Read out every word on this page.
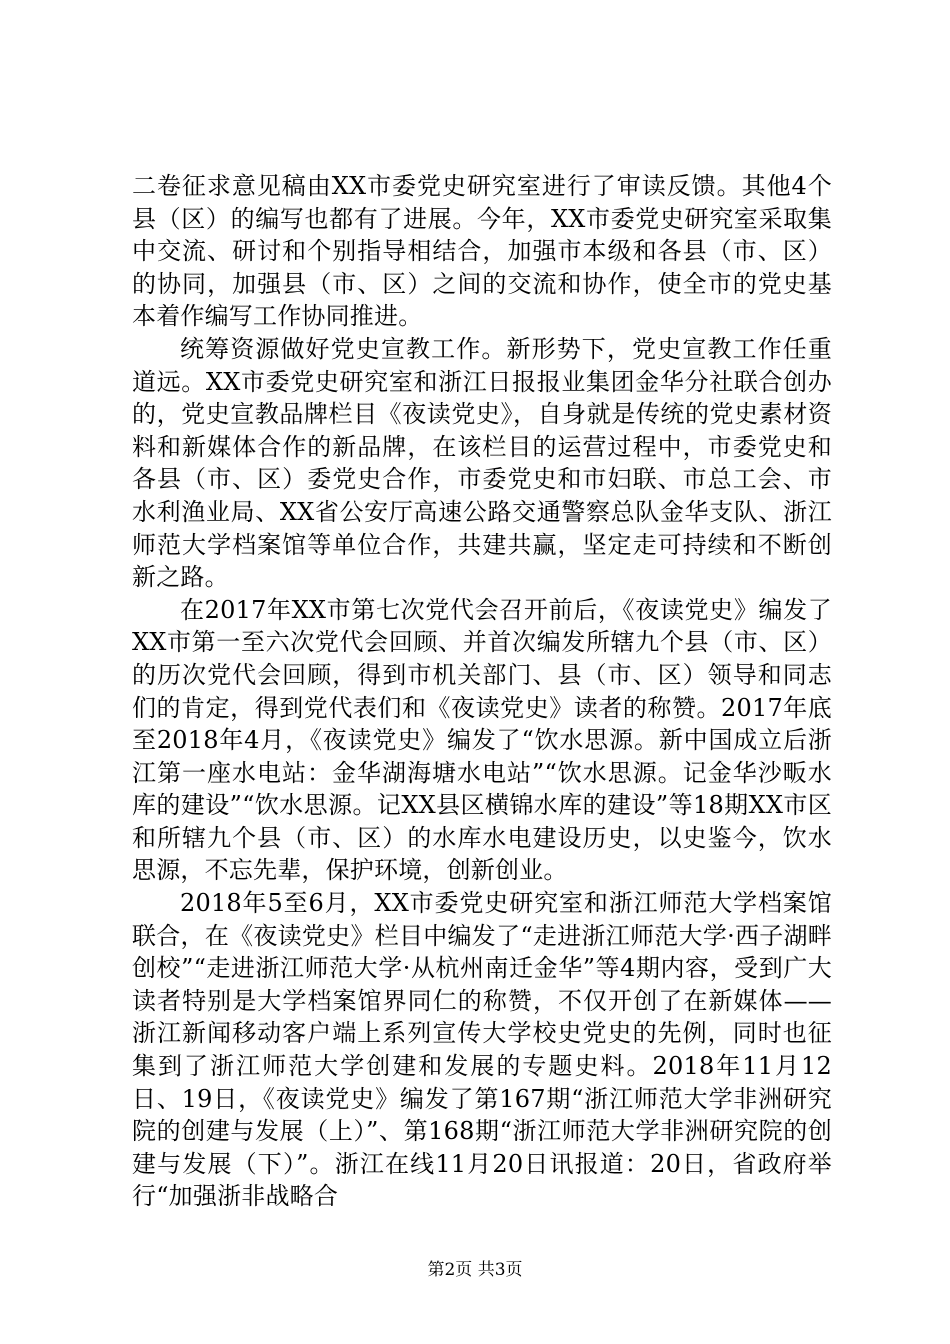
二卷征求意见稿由XX市委党史研究室进行了审读反馈。其他4个县（区）的编写也都有了进展。今年，XX市委党史研究室采取集中交流、研讨和个别指导相结合，加强市本级和各县（市、区）的协同，加强县（市、区）之间的交流和协作，使全市的党史基本着作编写工作协同推进。

统筹资源做好党史宣教工作。新形势下，党史宣教工作任重道远。XX市委党史研究室和浙江日报报业集团金华分社联合创办的，党史宣教品牌栏目《夜读党史》，自身就是传统的党史素材资料和新媒体合作的新品牌，在该栏目的运营过程中，市委党史和各县（市、区）委党史合作，市委党史和市妇联、市总工会、市水利渔业局、XX省公安厅高速公路交通警察总队金华支队、浙江师范大学档案馆等单位合作，共建共赢，坚定走可持续和不断创新之路。

在2017年XX市第七次党代会召开前后，《夜读党史》编发了XX市第一至六次党代会回顾、并首次编发所辖九个县（市、区）的历次党代会回顾，得到市机关部门、县（市、区）领导和同志们的肯定，得到党代表们和《夜读党史》读者的称赞。2017年底至2018年4月，《夜读党史》编发了“饮水思源。新中国成立后浙江第一座水电站：金华湖海塘水电站”“饮水思源。记金华沙畈水库的建设”“饮水思源。记XX县区横锦水库的建设”等18期XX市区和所辖九个县（市、区）的水库水电建设历史，以史鉴今，饮水思源，不忘先辈，保护环境，创新创业。

2018年5至6月，XX市委党史研究室和浙江师范大学档案馆联合，在《夜读党史》栏目中编发了“走进浙江师范大学·西子湖畔创校”“走进浙江师范大学·从杭州南迁金华”等4期内容，受到广大读者特别是大学档案馆界同仁的称赞，不仅开创了在新媒体——浙江新闻移动客户端上系列宣传大学校史党史的先例，同时也征集到了浙江师范大学创建和发展的专题史料。2018年11月12日、19日，《夜读党史》编发了第167期“浙江师范大学非洲研究院的创建与发展（上）”、第168期“浙江师范大学非洲研究院的创建与发展（下）”。浙江在线11月20日讯报道：20日，省政府举行“加强浙非战略合

第2页 共3页
